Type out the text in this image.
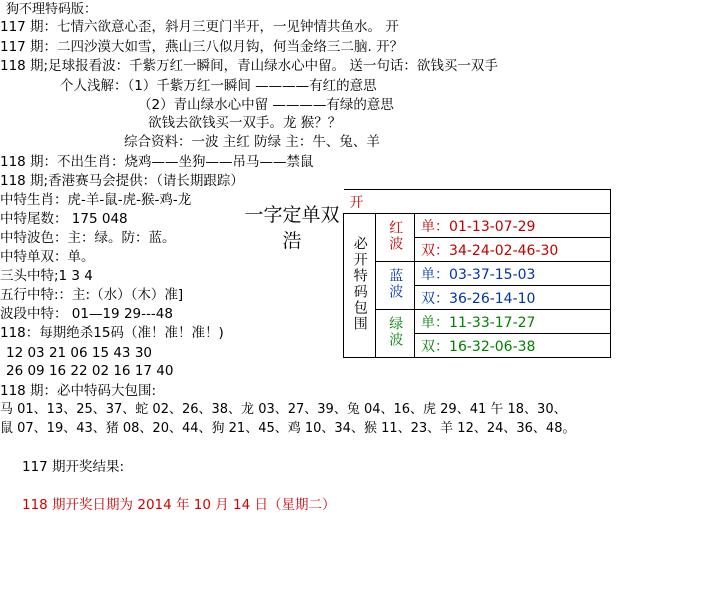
狗不理特码版：
117 期：七情六欲意心歪，斜月三更门半开，一见钟情共鱼水。 开
117 期：二四沙漠大如雪，燕山三八似月钩，何当金络三二脑. 开？
118 期;足球报看波：千紫万红一瞬间，青山绿水心中留。 送一句话：欲钱买一双手
个人浅解：（1）千紫万红一瞬间 ————有红的意思
（2）青山绿水心中留 ————有绿的意思
欲钱去欲钱买一双手。龙 猴？？
综合资料：一波 主红 防绿 主：牛、兔、羊
118 期：不出生肖：烧鸡——坐狗——吊马——禁鼠
118 期;香港赛马会提供：（请长期跟踪）
中特生肖：虎-羊-鼠-虎-猴-鸡-龙
中特尾数： 175 048
中特波色：主：绿。防：蓝。
中特单双：单。
三头中特;1 3 4
五行中特:：主:（水）（木）准]
波段中特： 01—19 29---48
118：每期绝杀15码（准！准！准！)
12 03 21 06 15 43 30
26 09 16 22 02 16 17 40
118 期：必中特码大包围:
马 01、13、25、37、蛇 02、26、38、龙 03、27、39、兔 04、16、虎 29、41 午 18、30、
鼠 07、19、43、猪 08、20、44、狗 21、45、鸡 10、34、猴 11、23、羊 12、24、36、48。
117 期开奖结果:
118 期开奖日期为 2014 年 10 月 14 日（星期二）
一字定单双
浩
开		
必开特码包围	红波	单：01-13-07-29
		双：34-24-02-46-30
	蓝波	单：03-37-15-03
		双：36-26-14-10
	绿波	单：11-33-17-27
		双：16-32-06-38
